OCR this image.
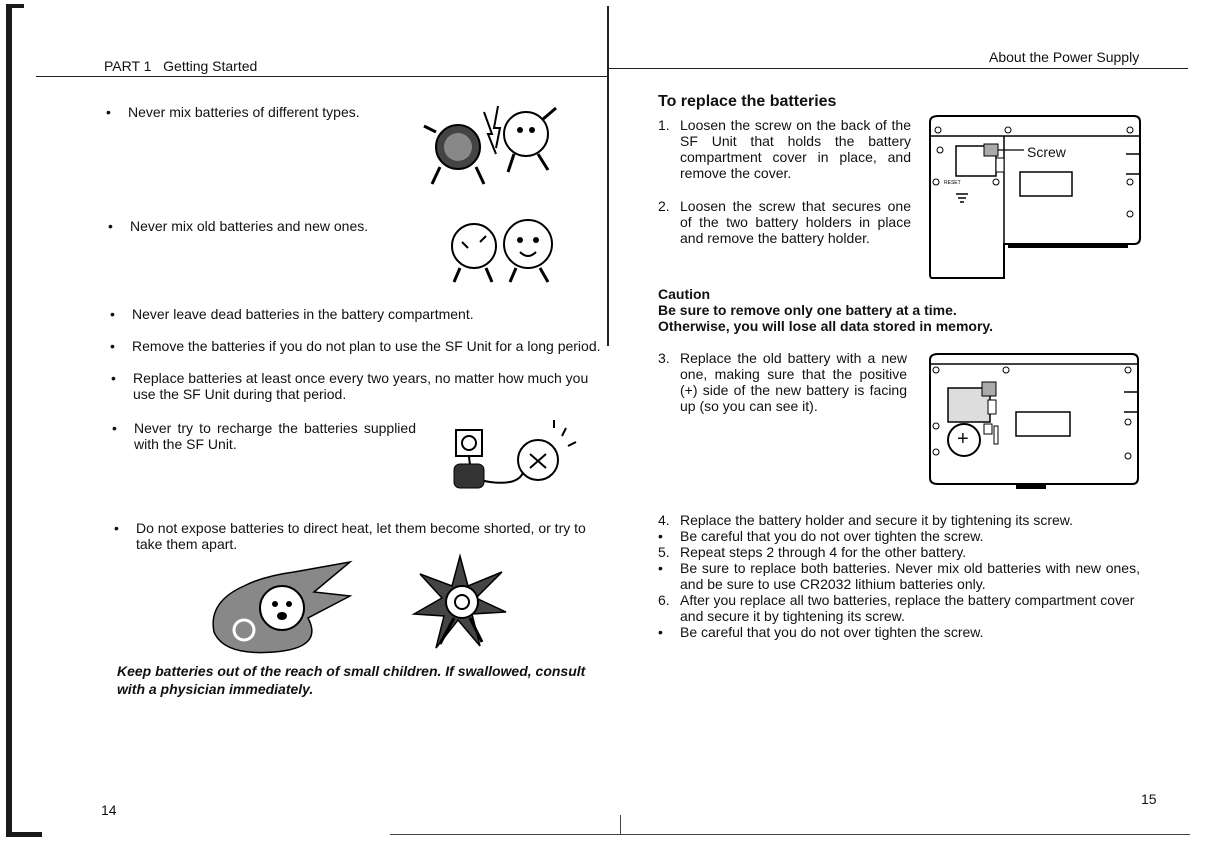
PART 1   Getting Started
• Never mix batteries of different types.
• Never mix old batteries and new ones.
• Never leave dead batteries in the battery compartment.
• Remove the batteries if you do not plan to use the SF Unit for a long period.
• Replace batteries at least once every two years, no matter how much you use the SF Unit during that period.
• Never try to recharge the batteries supplied with the SF Unit.
• Do not expose batteries to direct heat, let them become shorted, or try to take them apart.
Keep batteries out of the reach of small children. If swallowed, consult with a physician immediately.
14
About the Power Supply
To replace the batteries
1. Loosen the screw on the back of the SF Unit that holds the battery compartment cover in place, and remove the cover.
2. Loosen the screw that secures one of the two battery holders in place and remove the battery holder.
RESET
Screw
Caution
Be sure to remove only one battery at a time.
Otherwise, you will lose all data stored in memory.
3. Replace the old battery with a new one, making sure that the positive (+) side of the new battery is facing up (so you can see it).
+
4. Replace the battery holder and secure it by tightening its screw.
• Be careful that you do not over tighten the screw.
5. Repeat steps 2 through 4 for the other battery.
• Be sure to replace both batteries. Never mix old batteries with new ones, and be sure to use CR2032 lithium batteries only.
6. After you replace all two batteries, replace the battery compartment cover and secure it by tightening its screw.
• Be careful that you do not over tighten the screw.
15
